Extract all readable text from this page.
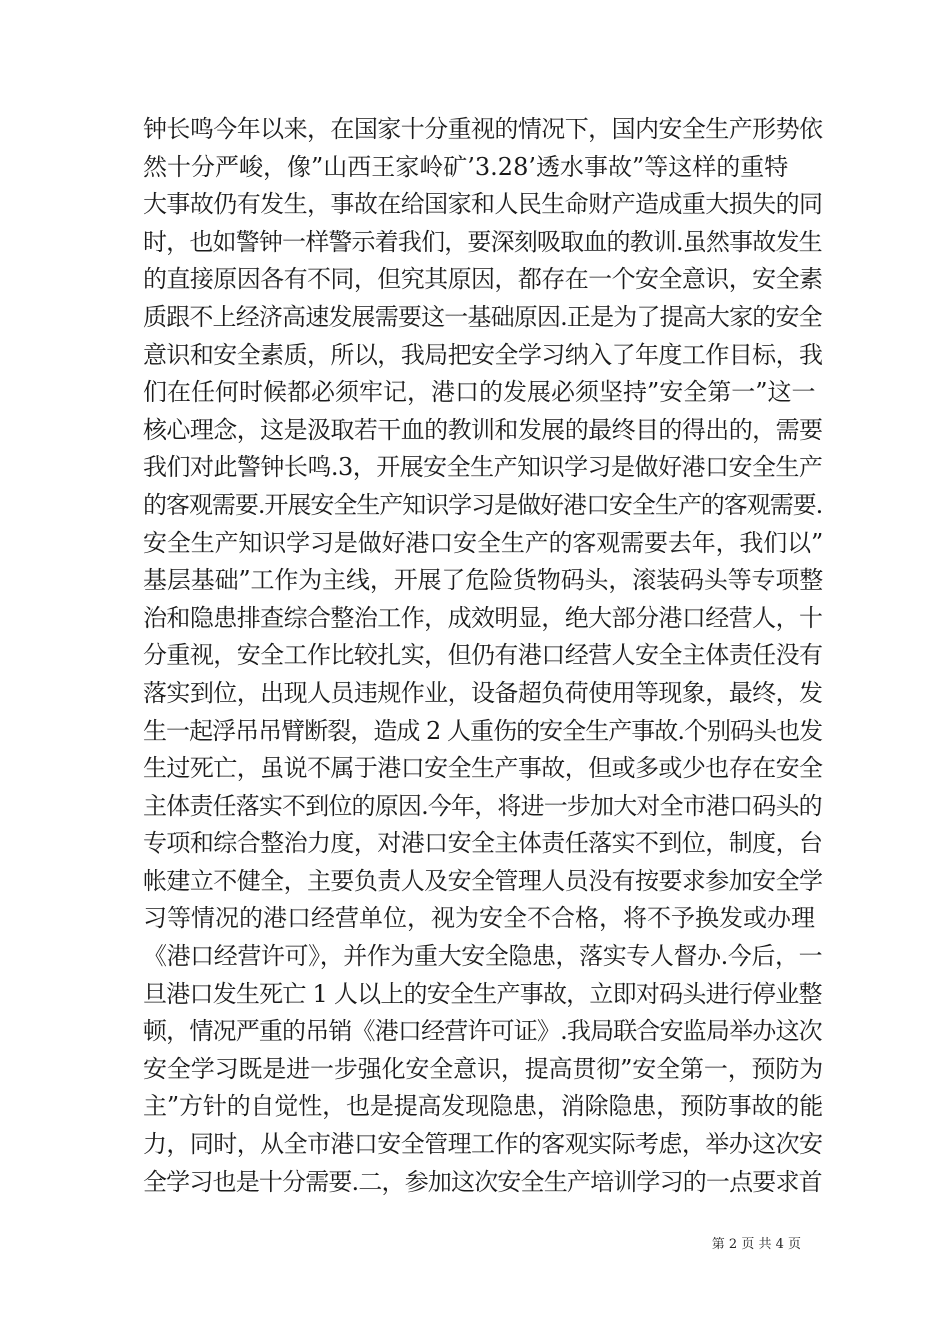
钟长鸣今年以来，在国家十分重视的情况下，国内安全生产形势依
然十分严峻，像”山西王家岭矿’3.28’透水事故”等这样的重特
大事故仍有发生，事故在给国家和人民生命财产造成重大损失的同
时，也如警钟一样警示着我们，要深刻吸取血的教训.虽然事故发生
的直接原因各有不同，但究其原因，都存在一个安全意识，安全素
质跟不上经济高速发展需要这一基础原因.正是为了提高大家的安全
意识和安全素质，所以，我局把安全学习纳入了年度工作目标，我
们在任何时候都必须牢记，港口的发展必须坚持”安全第一”这一
核心理念，这是汲取若干血的教训和发展的最终目的得出的，需要
我们对此警钟长鸣.3，开展安全生产知识学习是做好港口安全生产
的客观需要.开展安全生产知识学习是做好港口安全生产的客观需要.
安全生产知识学习是做好港口安全生产的客观需要去年，我们以”
基层基础”工作为主线，开展了危险货物码头，滚装码头等专项整
治和隐患排查综合整治工作，成效明显，绝大部分港口经营人，十
分重视，安全工作比较扎实，但仍有港口经营人安全主体责任没有
落实到位，出现人员违规作业，设备超负荷使用等现象，最终，发
生一起浮吊吊臂断裂，造成 2 人重伤的安全生产事故.个别码头也发
生过死亡，虽说不属于港口安全生产事故，但或多或少也存在安全
主体责任落实不到位的原因.今年，将进一步加大对全市港口码头的
专项和综合整治力度，对港口安全主体责任落实不到位，制度，台
帐建立不健全，主要负责人及安全管理人员没有按要求参加安全学
习等情况的港口经营单位，视为安全不合格，将不予换发或办理
《港口经营许可》，并作为重大安全隐患，落实专人督办.今后，一
旦港口发生死亡 1 人以上的安全生产事故，立即对码头进行停业整
顿，情况严重的吊销《港口经营许可证》.我局联合安监局举办这次
安全学习既是进一步强化安全意识，提高贯彻”安全第一，预防为
主”方针的自觉性，也是提高发现隐患，消除隐患，预防事故的能
力，同时，从全市港口安全管理工作的客观实际考虑，举办这次安
全学习也是十分需要.二，参加这次安全生产培训学习的一点要求首
第 2 页 共 4 页
